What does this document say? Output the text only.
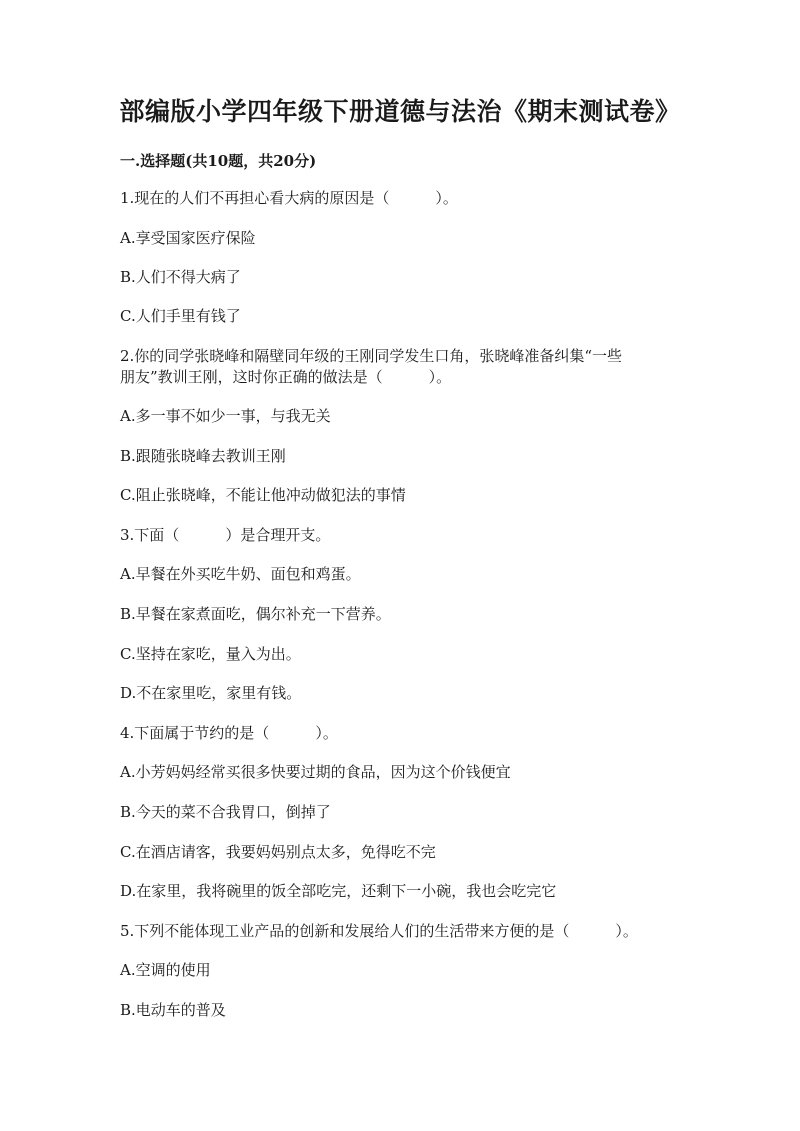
部编版小学四年级下册道德与法治《期末测试卷》
一.选择题(共10题，共20分)

1.现在的人们不再担心看大病的原因是（	）。

A.享受国家医疗保险

B.人们不得大病了

C.人们手里有钱了

2.你的同学张晓峰和隔壁同年级的王刚同学发生口角，张晓峰准备纠集“一些

朋友”教训王刚，这时你正确的做法是（	）。

A.多一事不如少一事，与我无关

B.跟随张晓峰去教训王刚

C.阻止张晓峰，不能让他冲动做犯法的事情

3.下面（	）是合理开支。

A.早餐在外买吃牛奶、面包和鸡蛋。

B.早餐在家煮面吃，偶尔补充一下营养。

C.坚持在家吃，量入为出。

D.不在家里吃，家里有钱。

4.下面属于节约的是（	）。

A.小芳妈妈经常买很多快要过期的食品，因为这个价钱便宜

B.今天的菜不合我胃口，倒掉了

C.在酒店请客，我要妈妈别点太多，免得吃不完

D.在家里，我将碗里的饭全部吃完，还剩下一小碗，我也会吃完它

5.下列不能体现工业产品的创新和发展给人们的生活带来方便的是（	）。

A.空调的使用

B.电动车的普及
